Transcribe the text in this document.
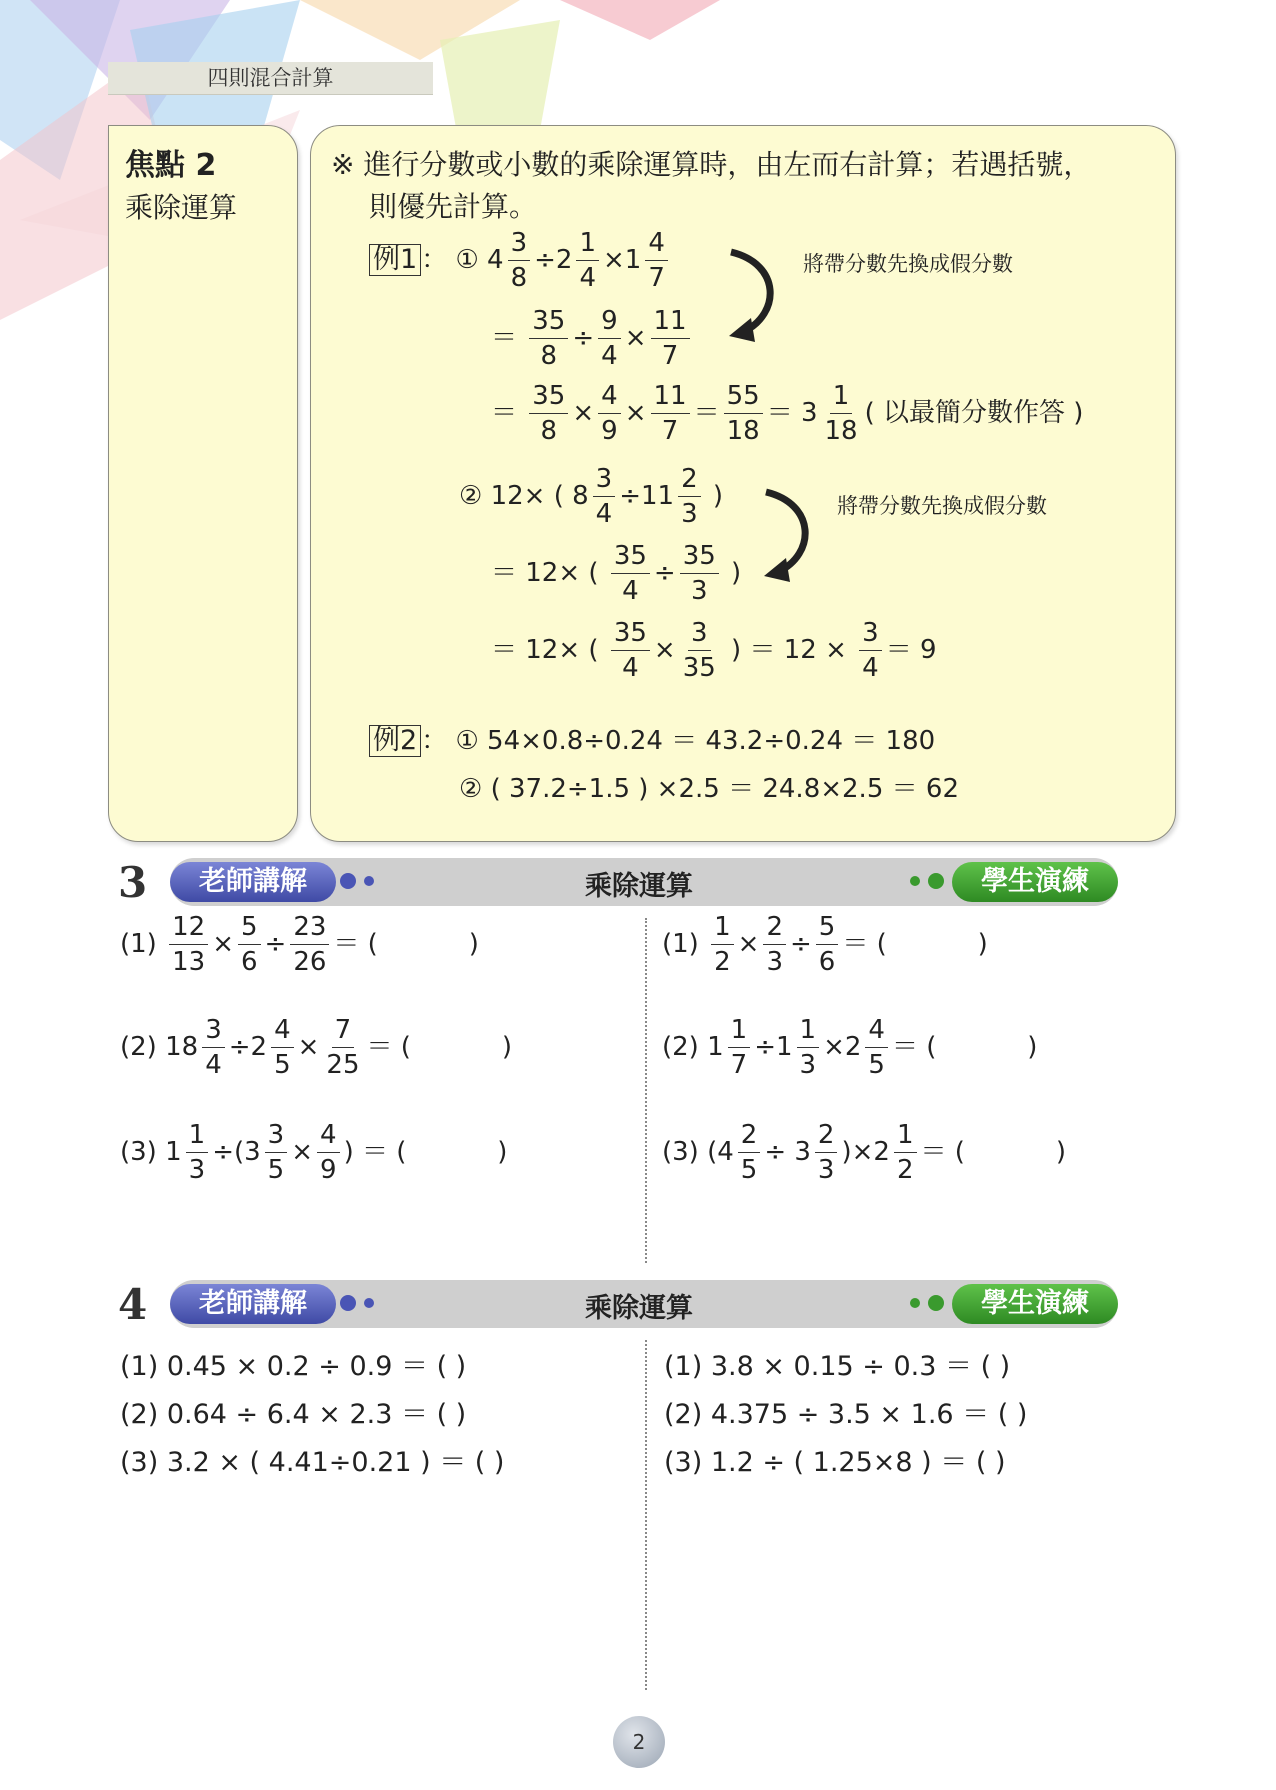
四則混合計算
焦點 2
乘除運算
※ 進行分數或小數的乘除運算時，由左而右計算；若遇括號，
則優先計算。
例1 ： ① $4 \frac{3}{8} \div 2 \frac{1}{4} \times 1 \frac{4}{7}$
＝ $\frac{35}{8} \div \frac{9}{4} \times \frac{11}{7}$
＝ $\frac{35}{8} \times \frac{4}{9} \times \frac{11}{7} = \frac{55}{18} = 3 \frac{1}{18}$ ( 以最簡分數作答 )
將帶分數先換成假分數
② 12× ( $8 \frac{3}{4} \div 11 \frac{2}{3}$ )
＝ 12× ( $\frac{35}{4} \div \frac{35}{3}$ )
＝ 12× ( $\frac{35}{4} \times \frac{3}{35}$ ) ＝ $12 \times \frac{3}{4} = 9$
將帶分數先換成假分數
例2 ： ① 54×0.8÷0.24 ＝ 43.2÷0.24 ＝ 180
② ( 37.2÷1.5 ) ×2.5 ＝ 24.8×2.5 ＝ 62
3	老師講解	乘除運算	學生演練
$(1) \frac{12}{13} \times \frac{5}{6} \div \frac{23}{26}$ ＝ (           )
(2) $18 \frac{3}{4} \div 2 \frac{4}{5} \times \frac{7}{25}$ ＝ (           )
(3) $1 \frac{1}{3} \div(3 \frac{3}{5} \times \frac{4}{9}$ ) ＝ (           )
$(1) \frac{1}{2} \times \frac{2}{3} \div \frac{5}{6}$ ＝ (           )
(2) $1 \frac{1}{7} \div 1 \frac{1}{3} \times 2 \frac{4}{5}$ ＝ (           )
(3) $(4 \frac{2}{5} \div 3 \frac{2}{3} )\times 2 \frac{1}{2}$ ＝ (           )
4	老師講解	乘除運算	學生演練
(1) 0.45 × 0.2 ÷ 0.9 ＝ ( )
(2) 0.64 ÷ 6.4 × 2.3 ＝ ( )
(3) 3.2 × ( 4.41÷0.21 ) ＝ ( )
(1) 3.8 × 0.15 ÷ 0.3 ＝ ( )
(2) 4.375 ÷ 3.5 × 1.6 ＝ ( )
(3) 1.2 ÷ ( 1.25×8 ) ＝ ( )
2
